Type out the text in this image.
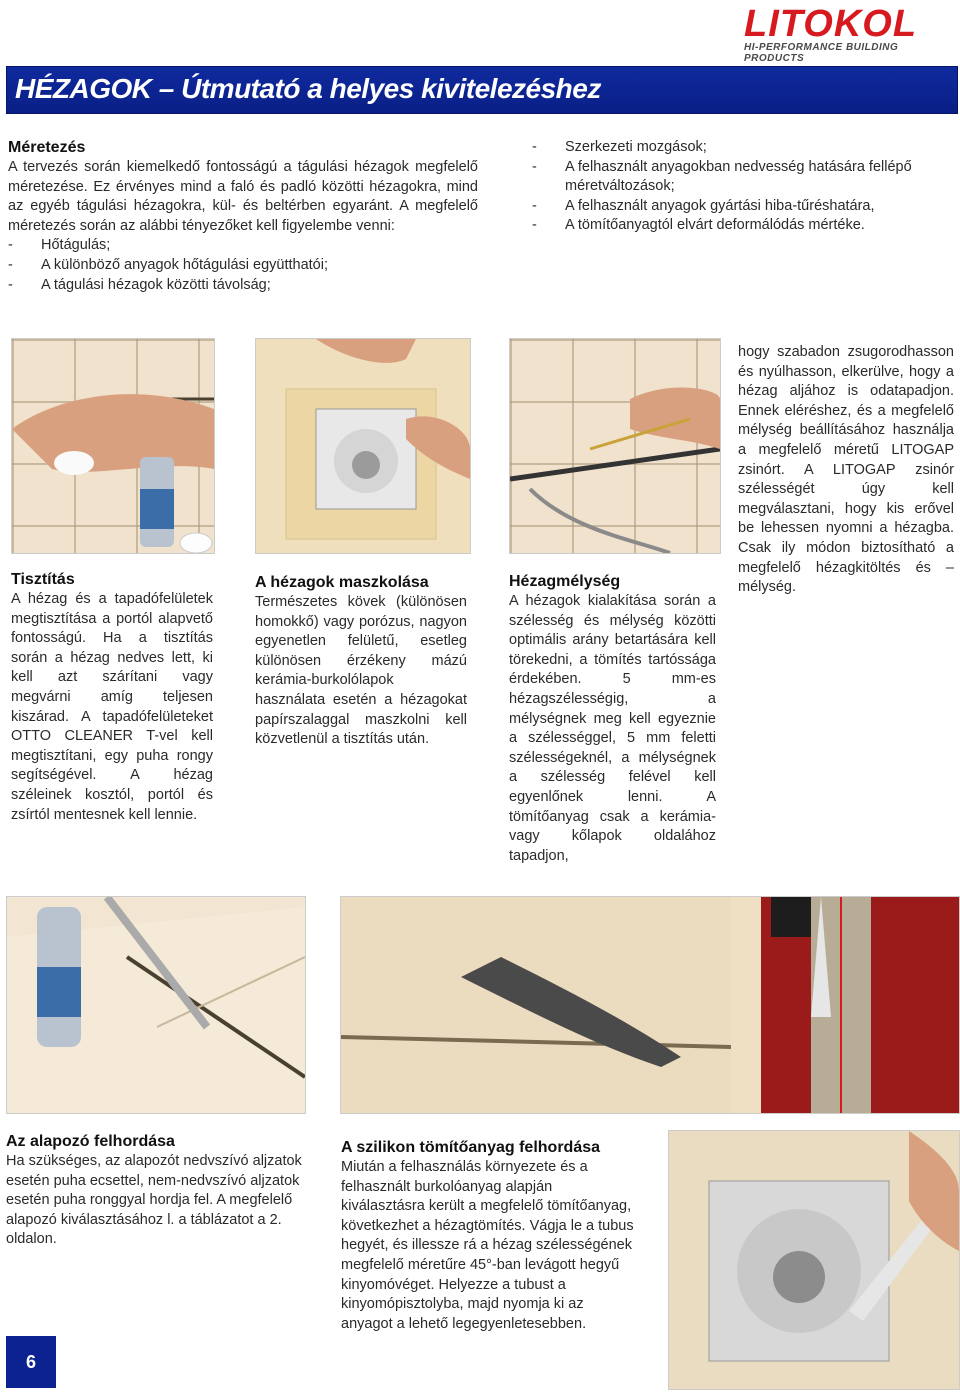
LITOKOL
HI-PERFORMANCE BUILDING PRODUCTS
HÉZAGOK – Útmutató a helyes kivitelezéshez
Méretezés
A tervezés során kiemelkedő fontosságú a tágulási hézagok megfelelő méretezése. Ez érvényes mind a faló és padló közötti hézagokra, mind az egyéb tágulási hézagokra, kül- és beltérben egyaránt. A megfelelő méretezés során az alábbi tényezőket kell figyelembe venni:
- Hőtágulás;
- A különböző anyagok hőtágulási együtthatói;
- A tágulási hézagok közötti távolság;
- Szerkezeti mozgások;
- A felhasznált anyagokban nedvesség hatására fellépő méretváltozások;
- A felhasznált anyagok gyártási hiba-tűréshatára,
- A tömítőanyagtól elvárt deformálódás mértéke.
Tisztítás
A hézag és a tapadófelületek megtisztítása a portól alapvető fontosságú. Ha a tisztítás során a hézag nedves lett, ki kell azt szárítani vagy megvárni amíg teljesen kiszárad. A tapadófelületeket OTTO CLEANER T-vel kell megtisztítani, egy puha rongy segítségével. A hézag széleinek kosztól, portól és zsírtól mentesnek kell lennie.
A hézagok maszkolása
Természetes kövek (különösen homokkő) vagy porózus, nagyon egyenetlen felületű, esetleg különösen érzékeny mázú kerámia-burkolólapok használata esetén a hézagokat papírszalaggal maszkolni kell közvetlenül a tisztítás után.
Hézagmélység
A hézagok kialakítása során a szélesség és mélység közötti optimális arány betartására kell törekedni, a tömítés tartóssága érdekében. 5 mm-es hézagszélességig, a mélységnek meg kell egyeznie a szélességgel, 5 mm feletti szélességeknél, a mélységnek a szélesség felével kell egyenlőnek lenni. A tömítőanyag csak a kerámia- vagy kőlapok oldalához tapadjon,
hogy szabadon zsugorodhasson és nyúlhasson, elkerülve, hogy a hézag aljához is odatapadjon. Ennek eléréshez, és a megfelelő mélység beállításához használja a megfelelő méretű LITOGAP zsinórt. A LITOGAP zsinór szélességét úgy kell megválasztani, hogy kis erővel be lehessen nyomni a hézagba. Csak ily módon biztosítható a megfelelő hézagkitöltés és –mélység.
Az alapozó felhordása
Ha szükséges, az alapozót nedvszívó aljzatok esetén puha ecsettel, nem-nedvszívó aljzatok esetén puha ronggyal hordja fel. A megfelelő alapozó kiválasztásához l. a táblázatot a 2. oldalon.
A szilikon tömítőanyag felhordása
Miután a felhasználás környezete és a felhasznált burkolóanyag alapján kiválasztásra került a megfelelő tömítőanyag, következhet a hézagtömítés. Vágja le a tubus hegyét, és illessze rá a hézag szélességének megfelelő méretűre 45°-ban levágott hegyű kinyomóvéget. Helyezze a tubust a kinyomópisztolyba, majd nyomja ki az anyagot a lehető legegyenletesebben.
6
